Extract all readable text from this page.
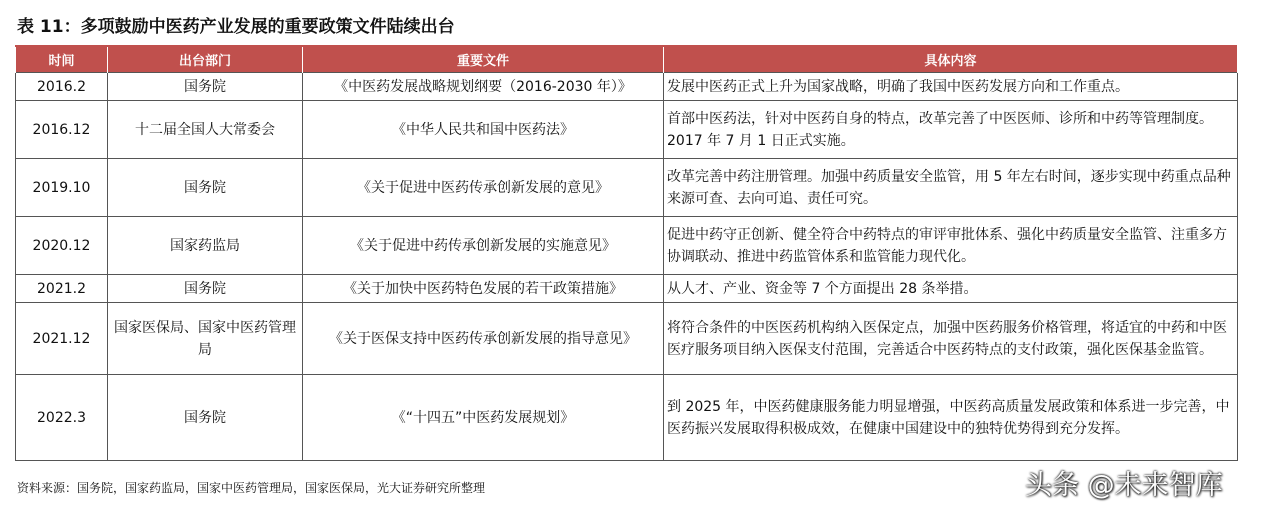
表 11：多项鼓励中医药产业发展的重要政策文件陆续出台
时间	出台部门	重要文件	具体内容
2016.2	国务院	《中医药发展战略规划纲要（2016-2030 年）》	发展中医药正式上升为国家战略，明确了我国中医药发展方向和工作重点。
2016.12	十二届全国人大常委会	《中华人民共和国中医药法》	首部中医药法，针对中医药自身的特点，改革完善了中医医师、诊所和中药等管理制度。2017 年 7 月 1 日正式实施。
2019.10	国务院	《关于促进中医药传承创新发展的意见》	改革完善中药注册管理。加强中药质量安全监管，用 5 年左右时间，逐步实现中药重点品种来源可查、去向可追、责任可究。
2020.12	国家药监局	《关于促进中药传承创新发展的实施意见》	促进中药守正创新、健全符合中药特点的审评审批体系、强化中药质量安全监管、注重多方协调联动、推进中药监管体系和监管能力现代化。
2021.2	国务院	《关于加快中医药特色发展的若干政策措施》	从人才、产业、资金等 7 个方面提出 28 条举措。
2021.12	国家医保局、国家中医药管理局	《关于医保支持中医药传承创新发展的指导意见》	将符合条件的中医医药机构纳入医保定点，加强中医药服务价格管理，将适宜的中药和中医医疗服务项目纳入医保支付范围，完善适合中医药特点的支付政策，强化医保基金监管。
2022.3	国务院	《“十四五”中医药发展规划》	到 2025 年，中医药健康服务能力明显增强，中医药高质量发展政策和体系进一步完善，中医药振兴发展取得积极成效，在健康中国建设中的独特优势得到充分发挥。
资料来源：国务院，国家药监局，国家中医药管理局，国家医保局，光大证券研究所整理	头条 @未来智库
